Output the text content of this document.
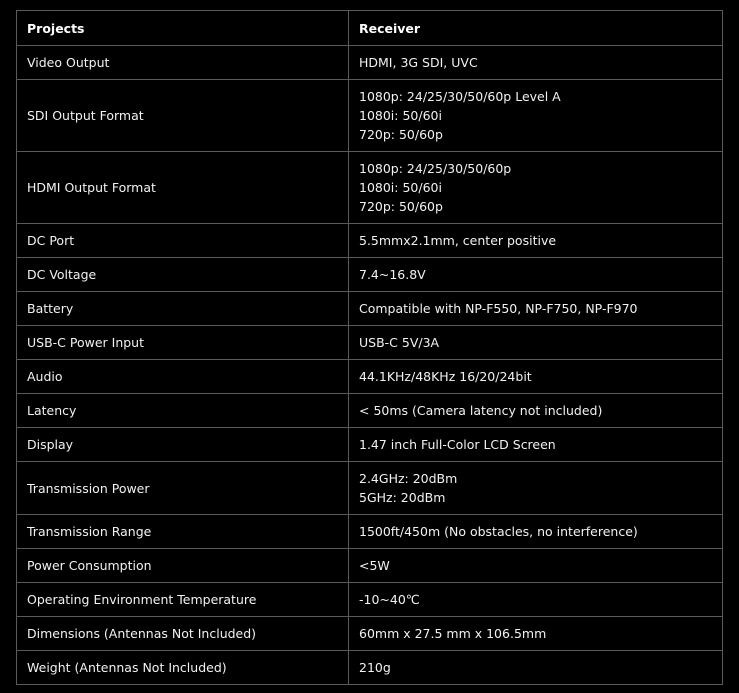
Projects	Receiver
Video Output	HDMI, 3G SDI, UVC

SDI Output Format	1080p: 24/25/30/50/60p Level A
1080i: 50/60i
720p: 50/60p

HDMI Output Format	1080p: 24/25/30/50/60p
1080i: 50/60i
720p: 50/60p

DC Port	5.5mmx2.1mm, center positive

DC Voltage	7.4~16.8V

Battery	Compatible with NP-F550, NP-F750, NP-F970

USB-C Power Input	USB-C 5V/3A

Audio	44.1KHz/48KHz 16/20/24bit

Latency	< 50ms (Camera latency not included)

Display	1.47 inch Full-Color LCD Screen

Transmission Power	2.4GHz: 20dBm
5GHz: 20dBm

Transmission Range	1500ft/450m (No obstacles, no interference)

Power Consumption	<5W

Operating Environment Temperature	-10~40℃

Dimensions (Antennas Not Included)	60mm x 27.5 mm x 106.5mm

Weight (Antennas Not Included)	210g
